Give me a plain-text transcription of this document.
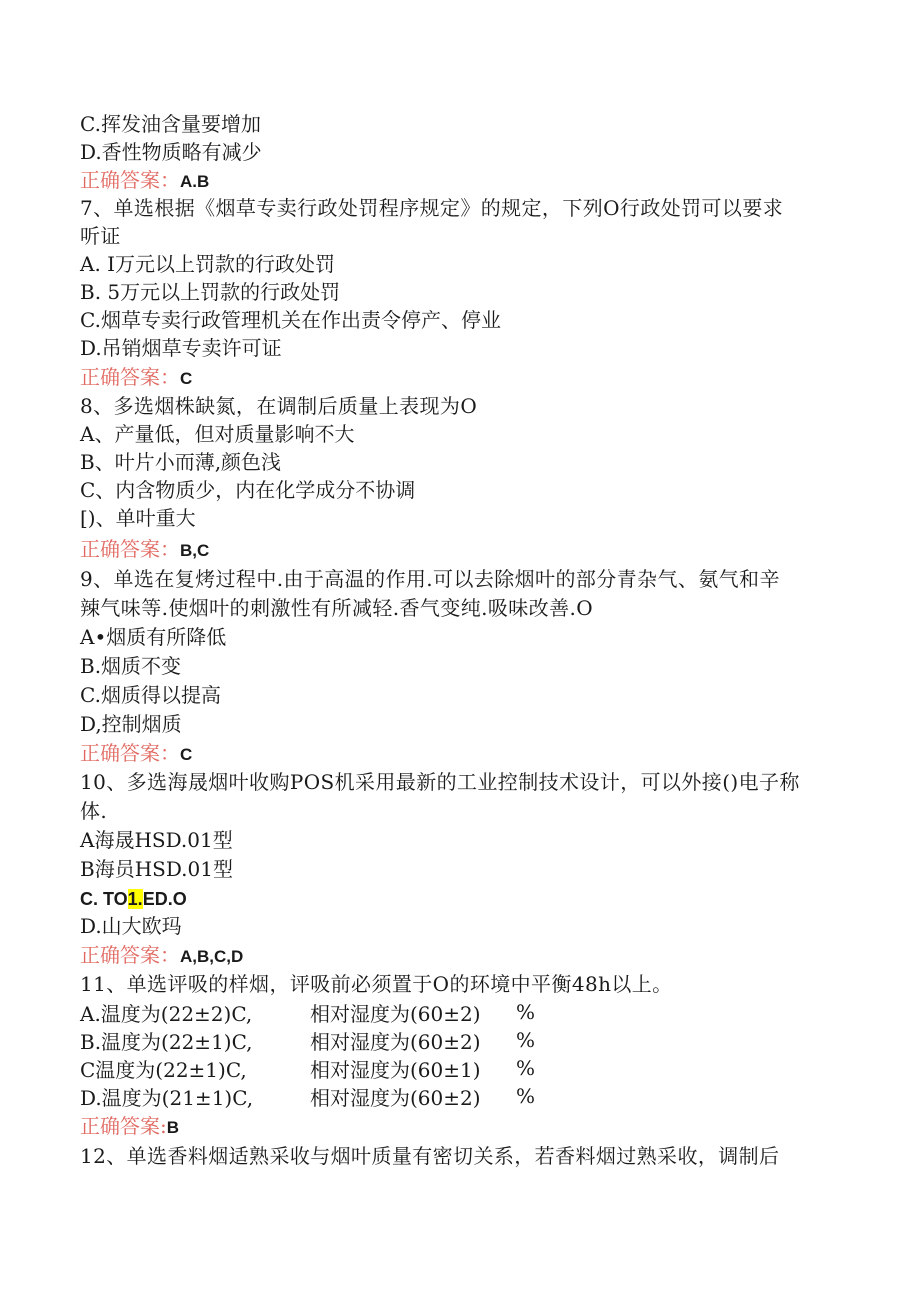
C.挥发油含量要增加
D.香性物质略有减少
正确答案：A.B
7、单选根据《烟草专卖行政处罚程序规定》的规定，下列O行政处罚可以要求
听证
A. I万元以上罚款的行政处罚
B. 5万元以上罚款的行政处罚
C.烟草专卖行政管理机关在作出责令停产、停业
D.吊销烟草专卖许可证
正确答案：C
8、多选烟株缺氮，在调制后质量上表现为O
A、产量低，但对质量影响不大
B、叶片小而薄,颜色浅
C、内含物质少，内在化学成分不协调
[)、单叶重大
正确答案：B,C
9、单选在复烤过程中.由于高温的作用.可以去除烟叶的部分青杂气、氨气和辛
辣气味等.使烟叶的刺激性有所减轻.香气变纯.吸味改善.O
A•烟质有所降低
B.烟质不变
C.烟质得以提高
D,控制烟质
正确答案：C
10、多选海晟烟叶收购POS机采用最新的工业控制技术设计，可以外接()电子称
体.
A海晟HSD.01型
B海员HSD.01型
C. TO1.ED.O
D.山大欧玛
正确答案：A,B,C,D
11、单选评吸的样烟，评吸前必须置于O的环境中平衡48h以上。
A.温度为(22±2)C,	相对湿度为(60±2) %
B.温度为(22±1)C,	相对湿度为(60±2) %
C温度为(22±1)C,	相对湿度为(60±1) %
D.温度为(21±1)C,	相对湿度为(60±2) %
正确答案:B
12、单选香料烟适熟采收与烟叶质量有密切关系，若香料烟过熟采收，调制后
